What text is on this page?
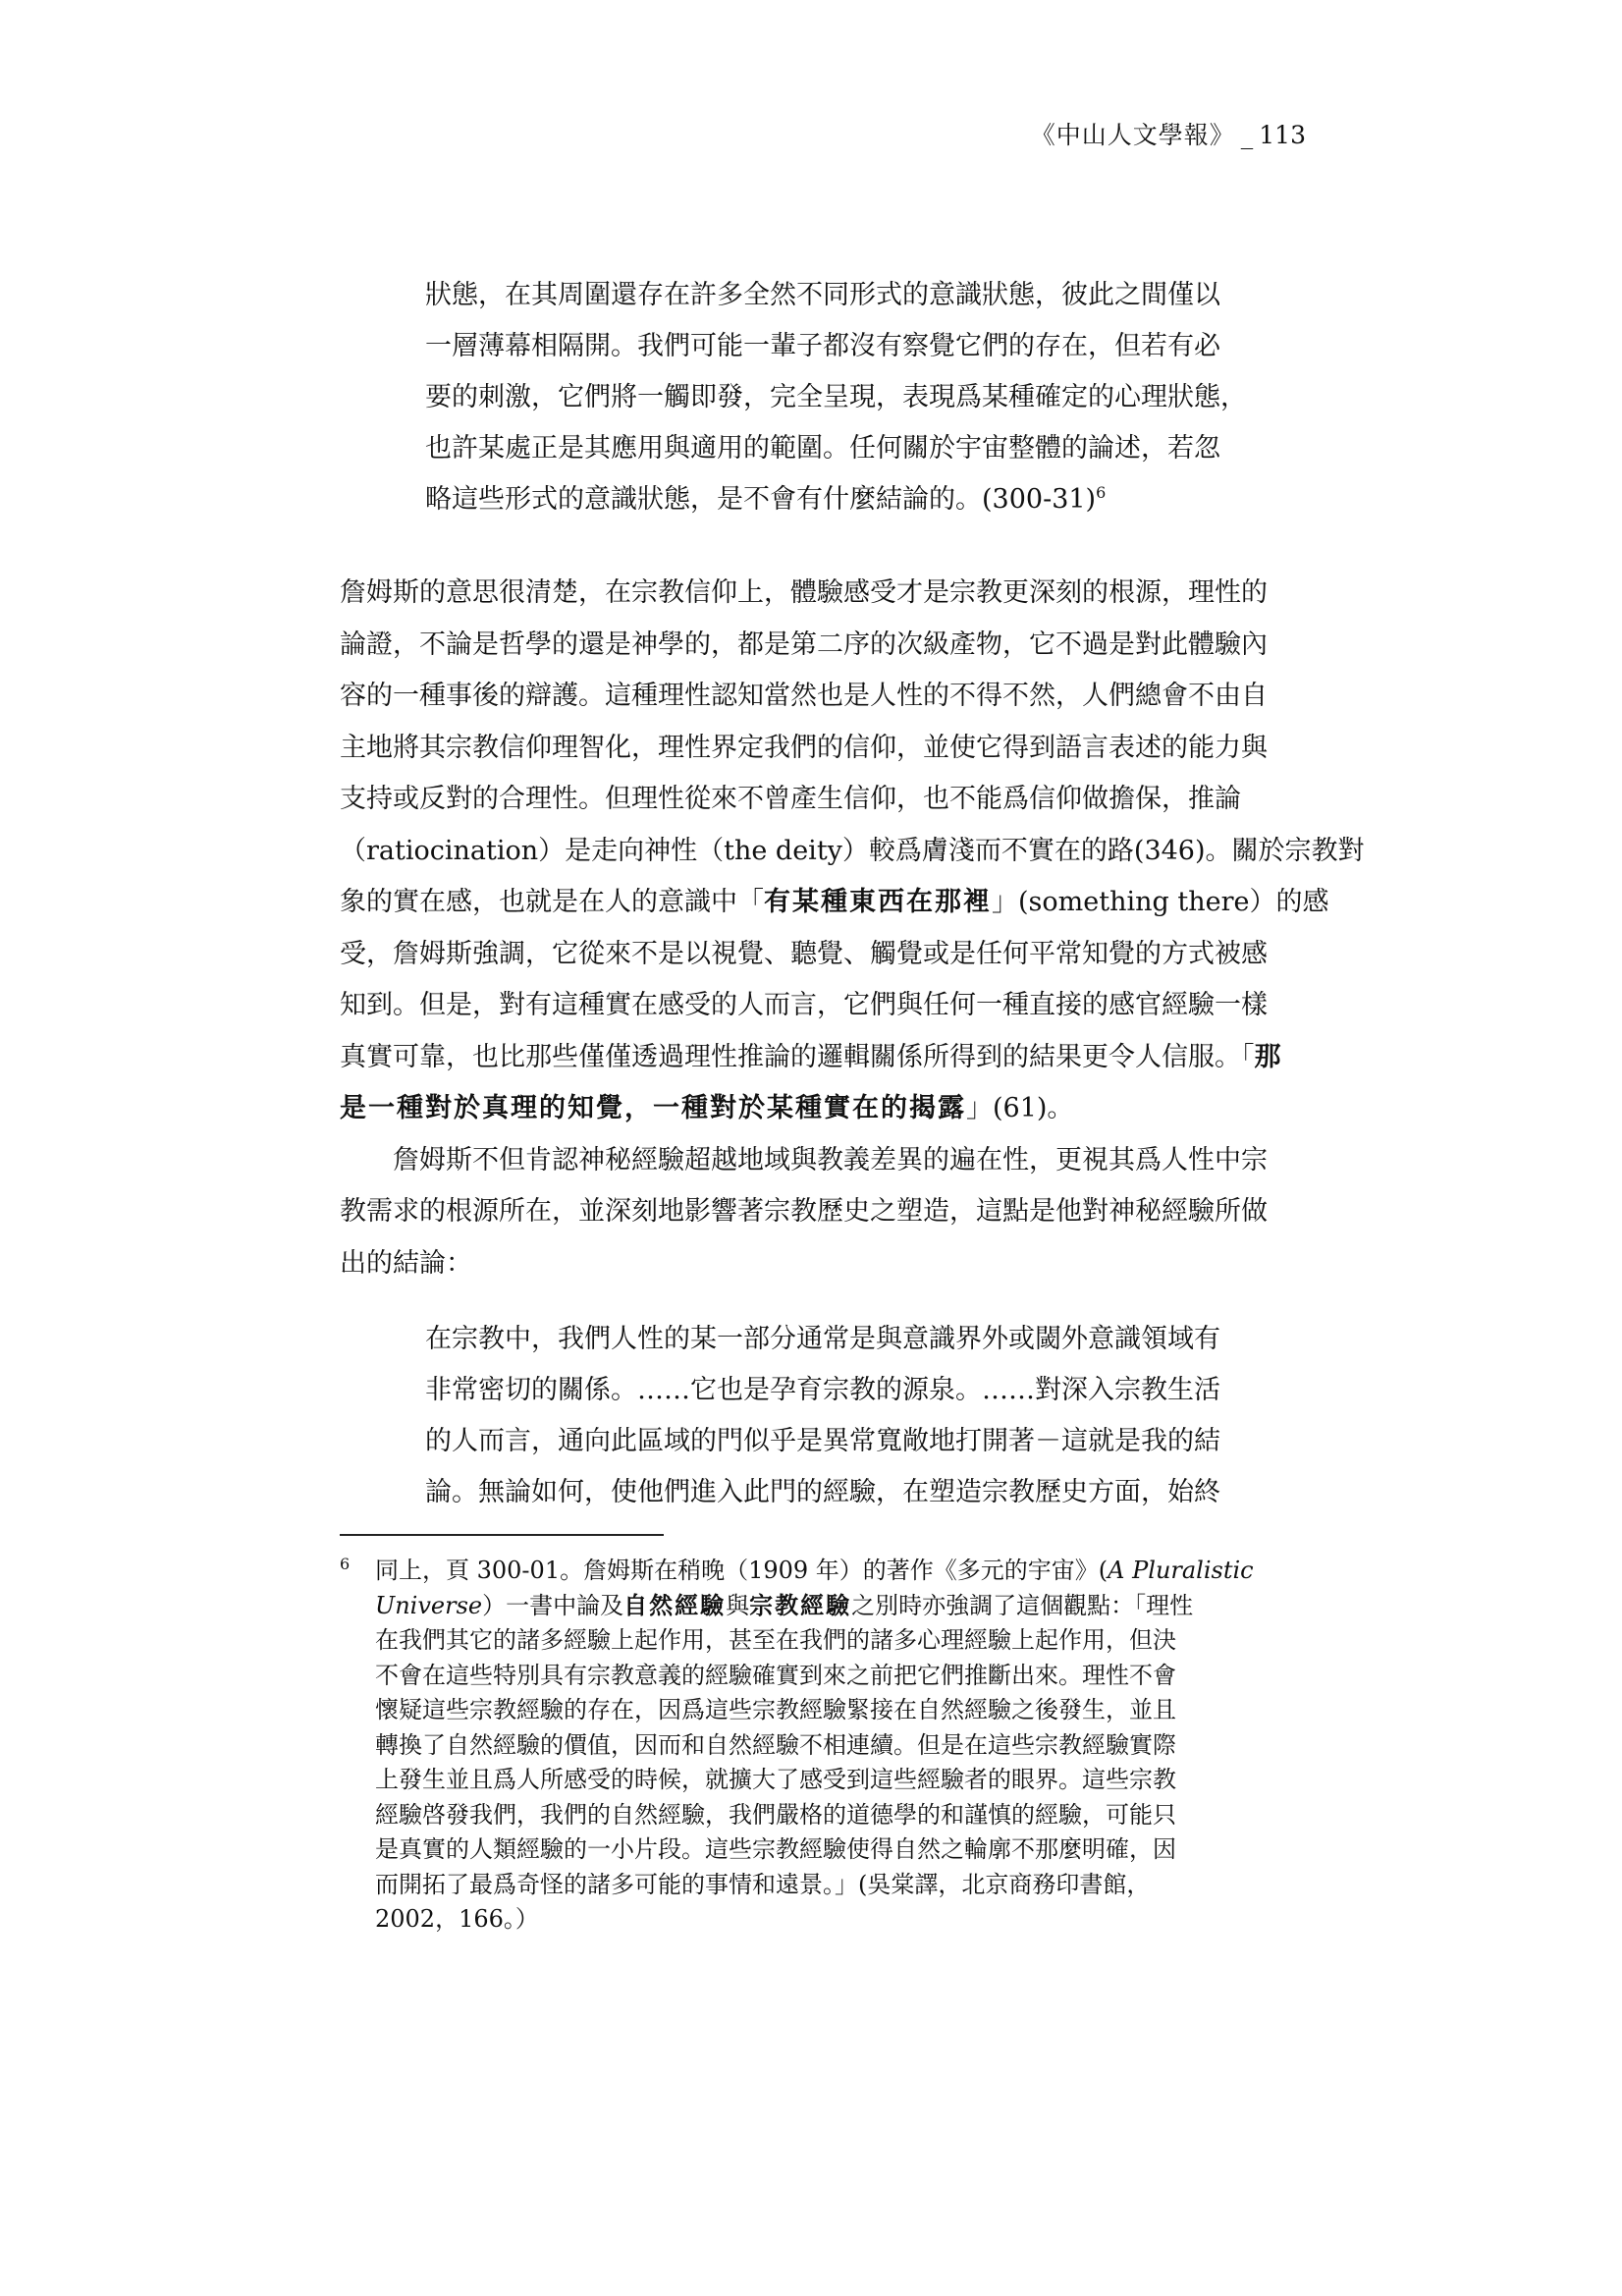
《中山人文學報》 _ 113
狀態，在其周圍還存在許多全然不同形式的意識狀態，彼此之間僅以
一層薄幕相隔開。我們可能一輩子都沒有察覺它們的存在，但若有必
要的刺激，它們將一觸即發，完全呈現，表現爲某種確定的心理狀態，
也許某處正是其應用與適用的範圍。任何關於宇宙整體的論述，若忽
略這些形式的意識狀態，是不會有什麼結論的。$(300-31)^6$
詹姆斯的意思很清楚，在宗教信仰上，體驗感受才是宗教更深刻的根源，理性的
論證，不論是哲學的還是神學的，都是第二序的次級產物，它不過是對此體驗內
容的一種事後的辯護。這種理性認知當然也是人性的不得不然，人們總會不由自
主地將其宗教信仰理智化，理性界定我們的信仰，並使它得到語言表述的能力與
支持或反對的合理性。但理性從來不曾產生信仰，也不能爲信仰做擔保，推論
（ratiocination）是走向神性（the deity）較爲膚淺而不實在的路(346)。關於宗教對
象的實在感，也就是在人的意識中「有某種東西在那裡」(something there）的感
受，詹姆斯強調，它從來不是以視覺、聽覺、觸覺或是任何平常知覺的方式被感
知到。但是，對有這種實在感受的人而言，它們與任何一種直接的感官經驗一樣
真實可靠，也比那些僅僅透過理性推論的邏輯關係所得到的結果更令人信服。「那
是一種對於真理的知覺，一種對於某種實在的揭露」(61)。
詹姆斯不但肯認神秘經驗超越地域與教義差異的遍在性，更視其爲人性中宗
教需求的根源所在，並深刻地影響著宗教歷史之塑造，這點是他對神秘經驗所做
出的結論：
在宗教中，我們人性的某一部分通常是與意識界外或閾外意識領域有
非常密切的關係。……它也是孕育宗教的源泉。……對深入宗教生活
的人而言，通向此區域的門似乎是異常寬敞地打開著－這就是我的結
論。無論如何，使他們進入此門的經驗，在塑造宗教歷史方面，始終
6 同上，頁 300-01。詹姆斯在稍晚（1909 年）的著作《多元的宇宙》(A Pluralistic
Universe）一書中論及自然經驗與宗教經驗之別時亦強調了這個觀點：「理性
在我們其它的諸多經驗上起作用，甚至在我們的諸多心理經驗上起作用，但決
不會在這些特別具有宗教意義的經驗確實到來之前把它們推斷出來。理性不會
懷疑這些宗教經驗的存在，因爲這些宗教經驗緊接在自然經驗之後發生，並且
轉換了自然經驗的價值，因而和自然經驗不相連續。但是在這些宗教經驗實際
上發生並且爲人所感受的時候，就擴大了感受到這些經驗者的眼界。這些宗教
經驗啓發我們，我們的自然經驗，我們嚴格的道德學的和謹慎的經驗，可能只
是真實的人類經驗的一小片段。這些宗教經驗使得自然之輪廓不那麼明確，因
而開拓了最爲奇怪的諸多可能的事情和遠景。」(吳棠譯，北京商務印書館，
2002，166。）
